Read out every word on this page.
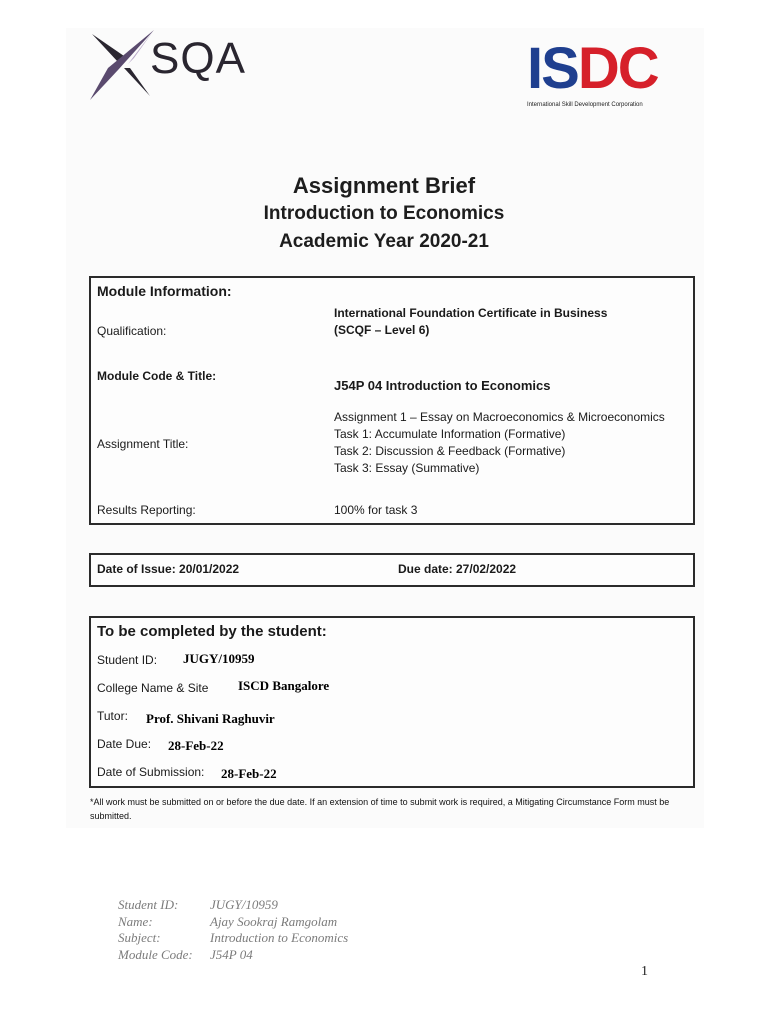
SQA	I S D C
International Skill Development Corporation
Assignment Brief
Introduction to Economics
Academic Year 2020-21
Module Information:
Qualification:
International Foundation Certificate in Business
(SCQF – Level 6)
Module Code & Title:
J54P 04 Introduction to Economics
Assignment Title:
Assignment 1 – Essay on Macroeconomics & Microeconomics
Task 1: Accumulate Information (Formative)
Task 2: Discussion & Feedback (Formative)
Task 3: Essay (Summative)
Results Reporting:	100% for task 3
Date of Issue: 20/01/2022	Due date: 27/02/2022
To be completed by the student:
Student ID: JUGY/10959
College Name & Site ISCD Bangalore
Tutor: Prof. Shivani Raghuvir
Date Due: 28-Feb-22
Date of Submission: 28-Feb-22
*All work must be submitted on or before the due date. If an extension of time to submit work is required, a Mitigating Circumstance Form must be submitted.
Student ID:	JUGY/10959
Name:	Ajay Sookraj Ramgolam
Subject:	Introduction to Economics
Module Code:	J54P 04
1
